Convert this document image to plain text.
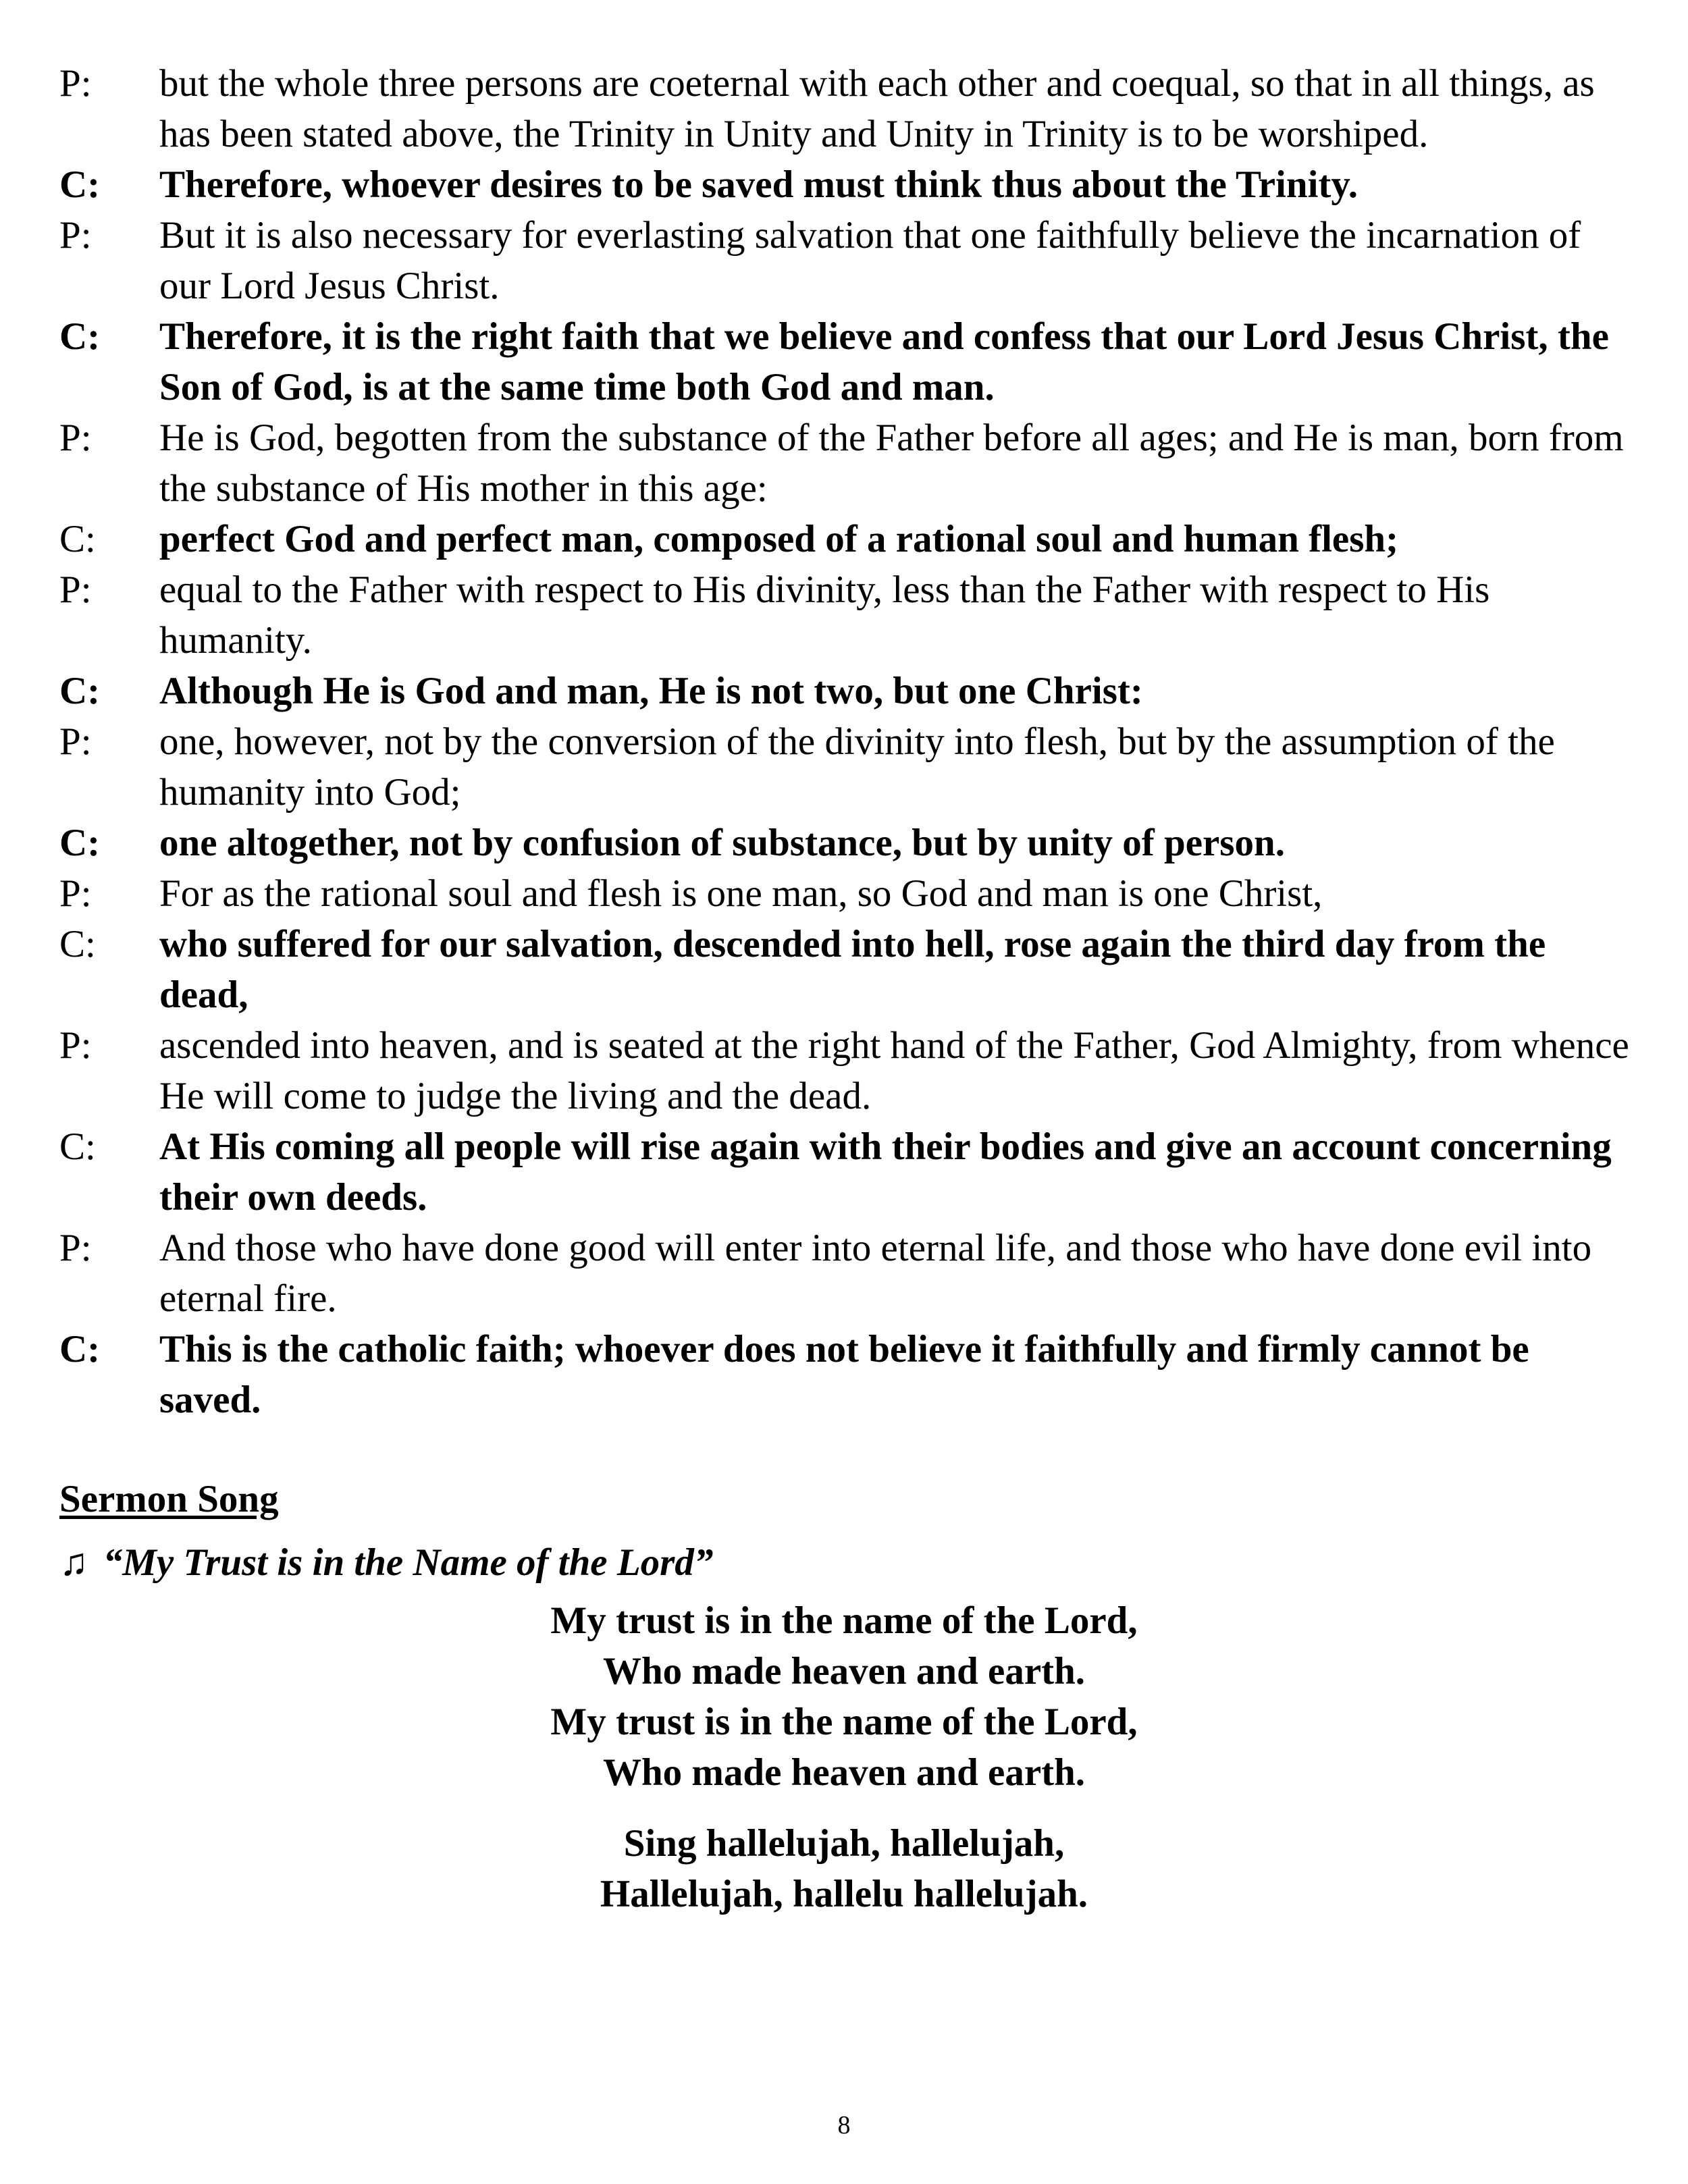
P:	but the whole three persons are coeternal with each other and coequal, so that in all things, as has been stated above, the Trinity in Unity and Unity in Trinity is to be worshiped.
C:	Therefore, whoever desires to be saved must think thus about the Trinity.
P:	But it is also necessary for everlasting salvation that one faithfully believe the incarnation of our Lord Jesus Christ.
C:	Therefore, it is the right faith that we believe and confess that our Lord Jesus Christ, the Son of God, is at the same time both God and man.
P:	He is God, begotten from the substance of the Father before all ages; and He is man, born from the substance of His mother in this age:
C:	perfect God and perfect man, composed of a rational soul and human flesh;
P:	equal to the Father with respect to His divinity, less than the Father with respect to His humanity.
C:	Although He is God and man, He is not two, but one Christ:
P:	one, however, not by the conversion of the divinity into flesh, but by the assumption of the humanity into God;
C:	one altogether, not by confusion of substance, but by unity of person.
P:	For as the rational soul and flesh is one man, so God and man is one Christ,
C:	who suffered for our salvation, descended into hell, rose again the third day from the dead,
P:	ascended into heaven, and is seated at the right hand of the Father, God Almighty, from whence He will come to judge the living and the dead.
C:	At His coming all people will rise again with their bodies and give an account concerning their own deeds.
P:	And those who have done good will enter into eternal life, and those who have done evil into eternal fire.
C:	This is the catholic faith; whoever does not believe it faithfully and firmly cannot be saved.
Sermon Song
♫ “My Trust is in the Name of the Lord”
My trust is in the name of the Lord,
Who made heaven and earth.
My trust is in the name of the Lord,
Who made heaven and earth.
Sing hallelujah, hallelujah,
Hallelujah, hallelu hallelujah.
8
